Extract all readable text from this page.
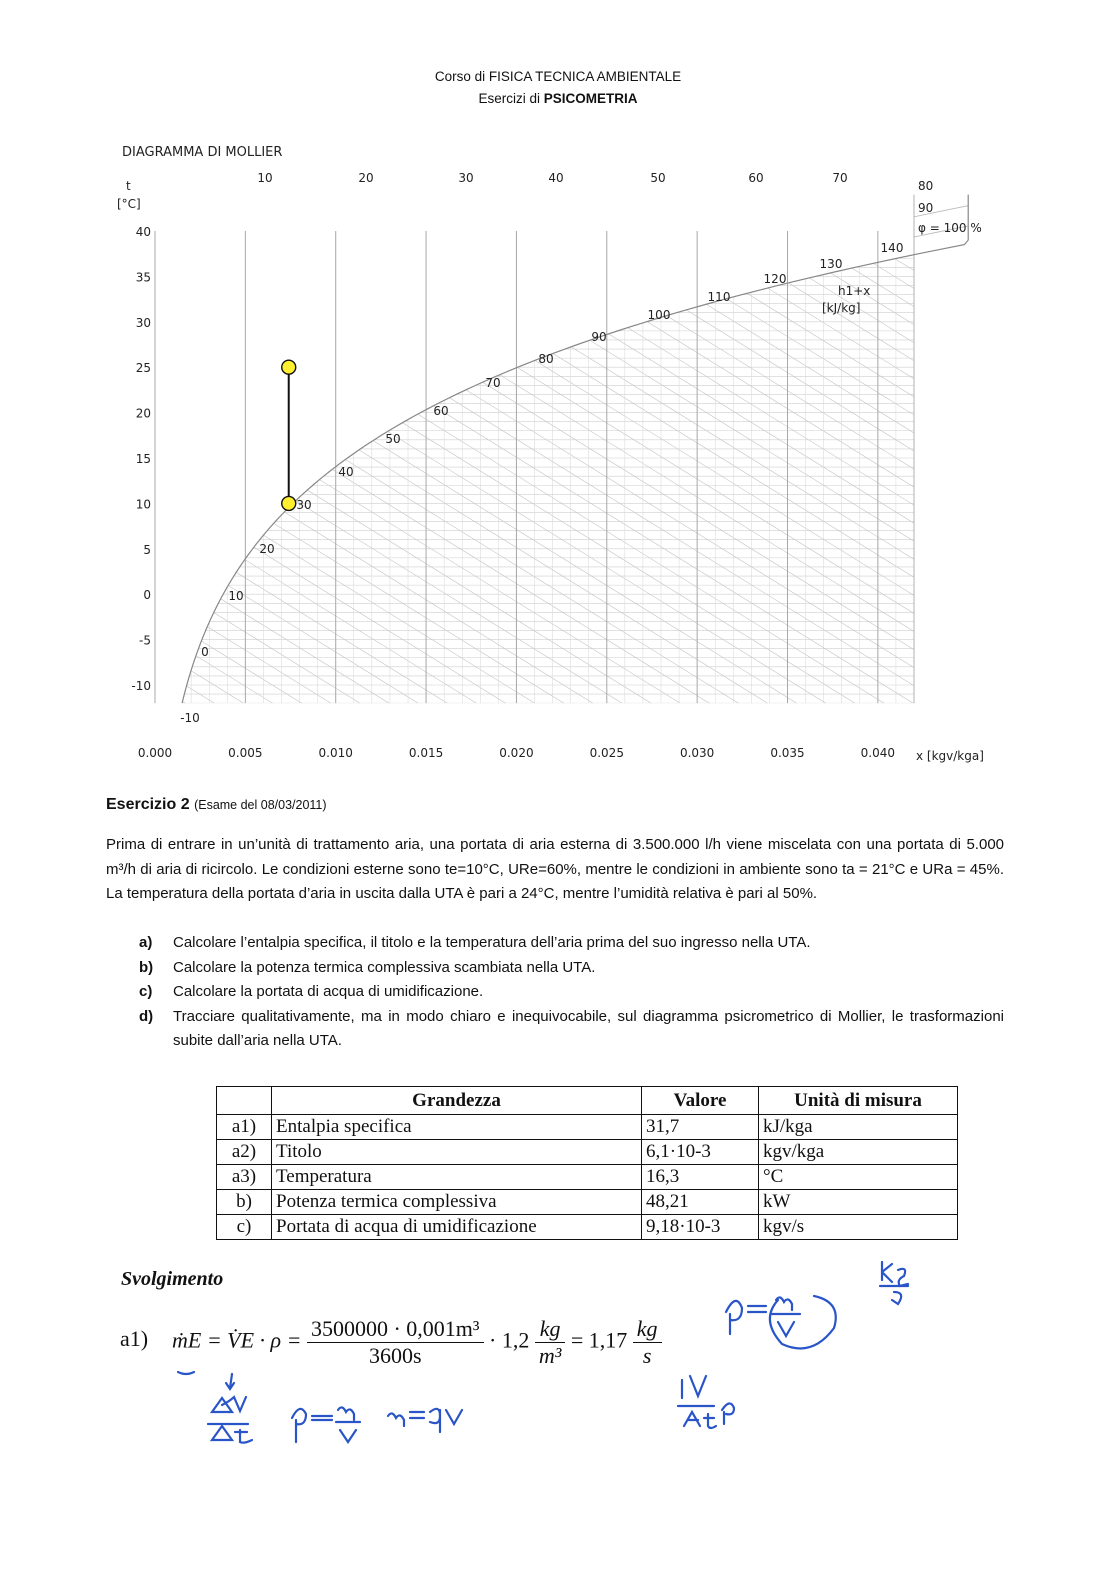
Corso di FISICA TECNICA AMBIENTALE
Esercizi di PSICOMETRIA
DIAGRAMMA DI MOLLIER
t
[°C]
40
35
30
25
20
15
10
5
0
-5
-10
0.000	0.005	0.010	0.015	0.020	0.025	0.030	0.035	0.040 x [kgv/kga]
10	20	30	40	50	60	70
80
90
φ = 100 %
-10
0
10
20
30
40
50
60
70
80
90
100
110
120
130
140
h1+x
[kJ/kg]
Esercizio 2 (Esame del 08/03/2011)
Prima di entrare in un’unità di trattamento aria, una portata di aria esterna di 3.500.000 l/h viene miscelata con una portata di 5.000 m³/h di aria di ricircolo. Le condizioni esterne sono te=10°C, URe=60%, mentre le condizioni in ambiente sono ta = 21°C e URa = 45%. La temperatura della portata d’aria in uscita dalla UTA è pari a 24°C, mentre l’umidità relativa è pari al 50%.
a)	Calcolare l’entalpia specifica, il titolo e la temperatura dell’aria prima del suo ingresso nella UTA.
b)	Calcolare la potenza termica complessiva scambiata nella UTA.
c)	Calcolare la portata di acqua di umidificazione.
d)	Tracciare qualitativamente, ma in modo chiaro e inequivocabile, sul diagramma psicrometrico di Mollier, le trasformazioni subite dall’aria nella UTA.
	Grandezza	Valore	Unità di misura
a1)	Entalpia specifica	31,7	kJ/kga
a2)	Titolo	6,1·10-3	kgv/kga
a3)	Temperatura	16,3	°C
b)	Potenza termica complessiva	48,21	kW
c)	Portata di acqua di umidificazione	9,18·10-3	kgv/s
Svolgimento
a1) ṁE = V̇E · $\rho = \frac{\text{3500000 · 0,001m³}}{3600s} \cdot 1,2 \frac{kg}{\text{m³}} = 1,17 \frac{kg}{s}$
